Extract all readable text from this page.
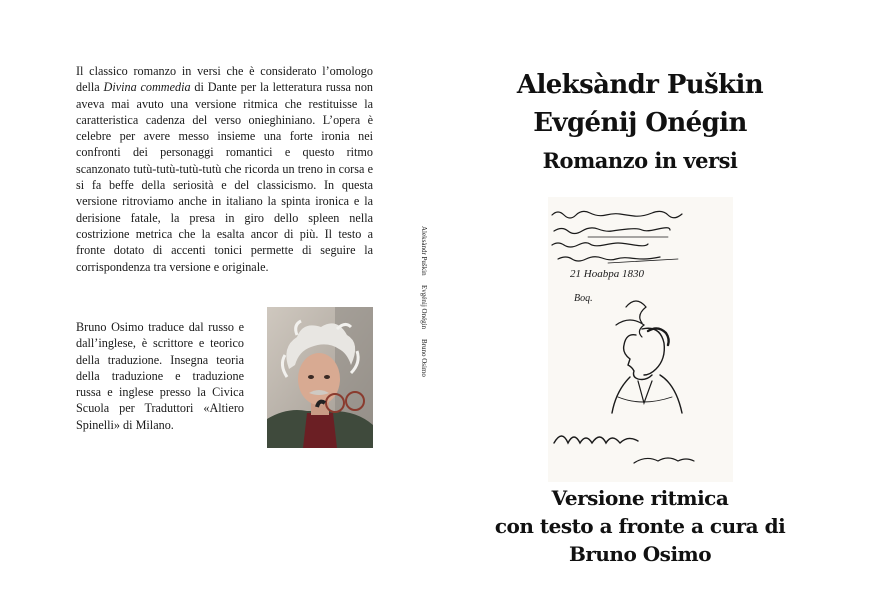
Il classico romanzo in versi che è considerato l’omologo della Divina commedia di Dante per la letteratura russa non aveva mai avuto una versione ritmica che restituisse la caratteristica cadenza del verso onieghiniano. L’opera è celebre per avere messo insieme una forte ironia nei confronti dei personaggi romantici e questo ritmo scanzonato tutù-tutù-tutù-tutù che ricorda un treno in corsa e si fa beffe della seriosità e del classicismo. In questa versione ritroviamo anche in italiano la spinta ironica e la derisione fatale, la presa in giro dello spleen nella costrizione metrica che la esalta ancor di più. Il testo a fronte dotato di accenti tonici permette di seguire la corrispondenza tra versione e originale.

Bruno Osimo traduce dal russo e dall’inglese, è scrittore e teorico della traduzione. Insegna teoria della traduzione e traduzione russa e inglese presso la Civica Scuola per Traduttori «Altiero Spinelli» di Milano.
Aleksàndr Puškin Evgénij Onégin Bruno Osimo
Aleksàndr Puškin
Evgénij Onégin
Romanzo in versi
21 Hoabpa 1830
Boq.
Versione ritmica
con testo a fronte a cura di
Bruno Osimo
